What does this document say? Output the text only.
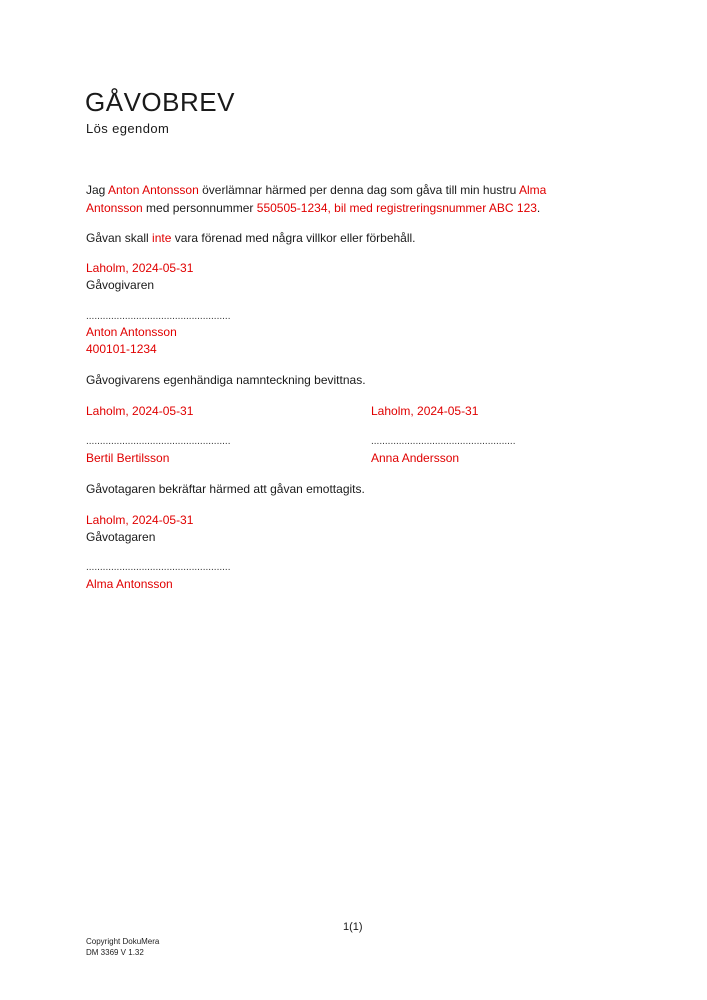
GÅVOBREV
Lös egendom
Jag Anton Antonsson överlämnar härmed per denna dag som gåva till min hustru Alma Antonsson med personnummer 550505-1234, bil med registreringsnummer ABC 123.
Gåvan skall inte vara förenad med några villkor eller förbehåll.
Laholm, 2024-05-31
Gåvogivaren
....................................................
Anton Antonsson
400101-1234
Gåvogivarens egenhändiga namnteckning bevittnas.
Laholm, 2024-05-31
....................................................
Bertil Bertilsson
Laholm, 2024-05-31
....................................................
Anna Andersson
Gåvotagaren bekräftar härmed att gåvan emottagits.
Laholm, 2024-05-31
Gåvotagaren
....................................................
Alma Antonsson
1(1)
Copyright DokuMera
DM 3369 V 1.32
